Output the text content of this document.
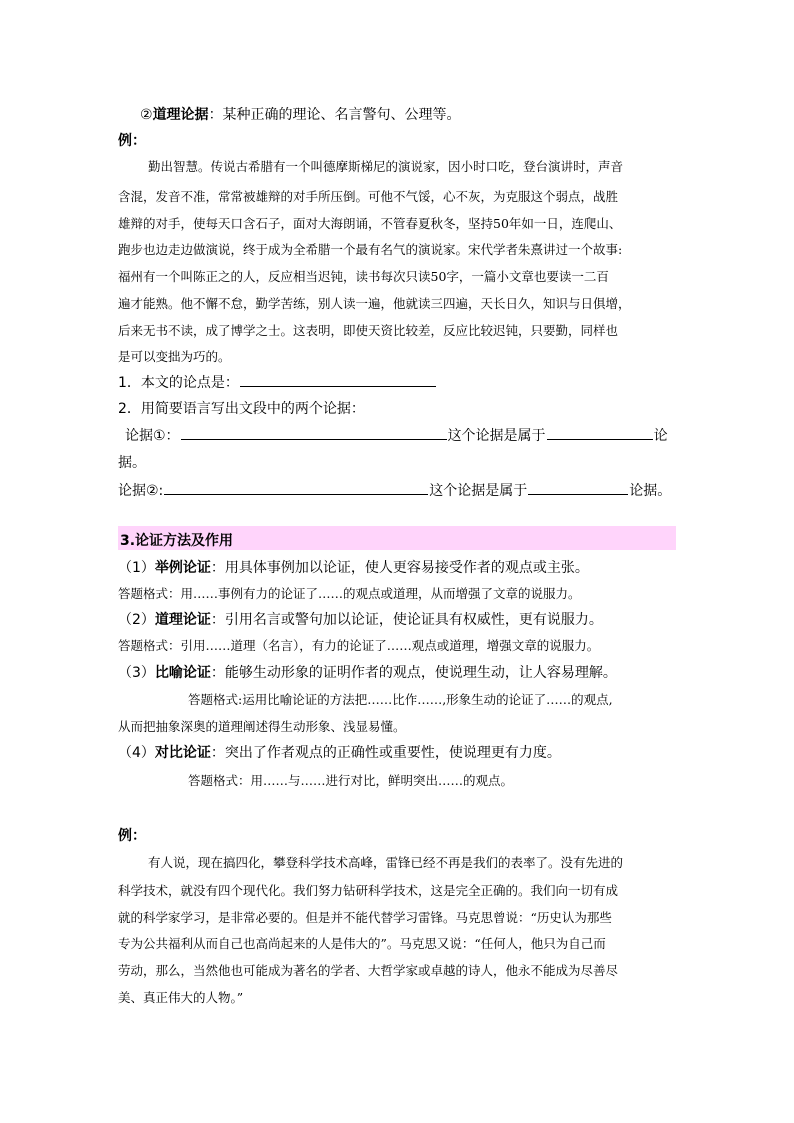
②道理论据：某种正确的理论、名言警句、公理等。
例：
勤出智慧。传说古希腊有一个叫德摩斯梯尼的演说家，因小时口吃，登台演讲时，声音
含混，发音不准，常常被雄辩的对手所压倒。可他不气馁，心不灰，为克服这个弱点，战胜
雄辩的对手，使每天口含石子，面对大海朗诵，不管春夏秋冬，坚持50年如一日，连爬山、
跑步也边走边做演说，终于成为全希腊一个最有名气的演说家。宋代学者朱熹讲过一个故事:
福州有一个叫陈正之的人，反应相当迟钝，读书每次只读50字，一篇小文章也要读一二百
遍才能熟。他不懈不怠，勤学苦练，别人读一遍，他就读三四遍，天长日久，知识与日俱增，
后来无书不读，成了博学之士。这表明，即使天资比较差，反应比较迟钝，只要勤，同样也
是可以变拙为巧的。
1．本文的论点是：
2．用简要语言写出文段中的两个论据：
论据①：	这个论据是属于	论
据。
论据②:	这个论据是属于	论据。
3.论证方法及作用
（1）举例论证：用具体事例加以论证，使人更容易接受作者的观点或主张。
答题格式：用……事例有力的论证了……的观点或道理，从而增强了文章的说服力。
（2）道理论证：引用名言或警句加以论证，使论证具有权威性，更有说服力。
答题格式：引用……道理（名言），有力的论证了……观点或道理，增强文章的说服力。
（3）比喻论证：能够生动形象的证明作者的观点，使说理生动，让人容易理解。
答题格式:运用比喻论证的方法把……比作……,形象生动的论证了……的观点,
从而把抽象深奥的道理阐述得生动形象、浅显易懂。
（4）对比论证：突出了作者观点的正确性或重要性，使说理更有力度。
答题格式：用……与……进行对比，鲜明突出……的观点。
例：
有人说，现在搞四化，攀登科学技术高峰，雷锋已经不再是我们的表率了。没有先进的
科学技术，就没有四个现代化。我们努力钻研科学技术，这是完全正确的。我们向一切有成
就的科学家学习，是非常必要的。但是并不能代替学习雷锋。马克思曾说：“历史认为那些
专为公共福利从而自己也高尚起来的人是伟大的”。马克思又说：“任何人，他只为自己而
劳动，那么，当然他也可能成为著名的学者、大哲学家或卓越的诗人，他永不能成为尽善尽
美、真正伟大的人物。”
